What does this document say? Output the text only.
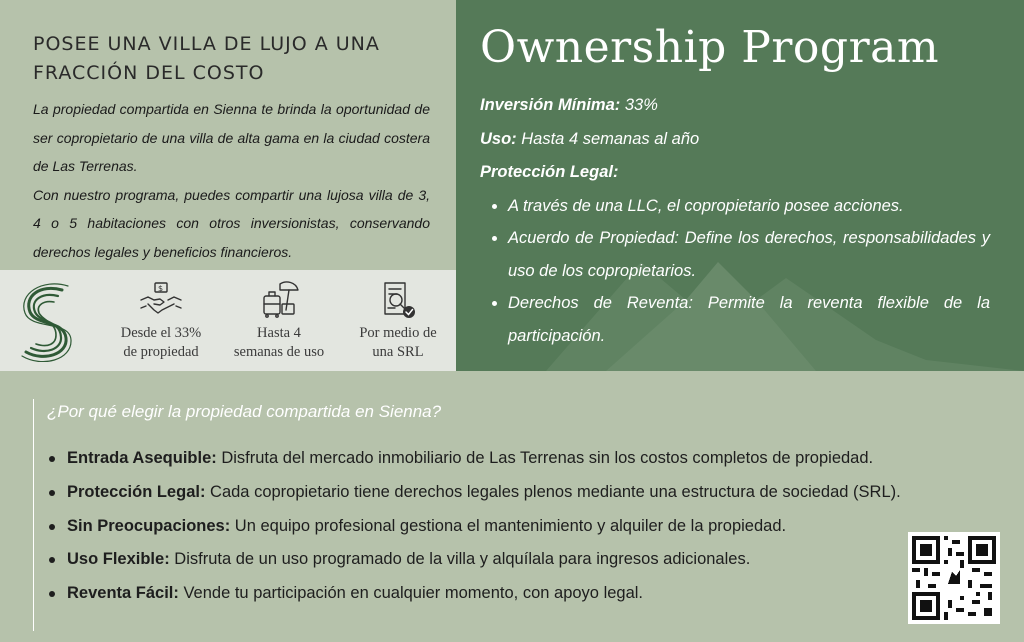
POSEE UNA VILLA DE LUJO A UNA FRACCIÓN DEL COSTO

La propiedad compartida en Sienna te brinda la oportunidad de ser copropietario de una villa de alta gama en la ciudad costera de Las Terrenas.

Con nuestro programa, puedes compartir una lujosa villa de 3, 4 o 5 habitaciones con otros inversionistas, conservando derechos legales y beneficios financieros.

$
Desde el 33%
de propiedad
Hasta 4
semanas de uso
Por medio de
una SRL
Ownership Program
Inversión Mínima: 33%
Uso: Hasta 4 semanas al año
Protección Legal:
A través de una LLC, el copropietario posee acciones.
Acuerdo de Propiedad: Define los derechos, responsabilidades y uso de los copropietarios.
Derechos de Reventa: Permite la reventa flexible de la participación.
¿Por qué elegir la propiedad compartida en Sienna?
Entrada Asequible: Disfruta del mercado inmobiliario de Las Terrenas sin los costos completos de propiedad.
Protección Legal: Cada copropietario tiene derechos legales plenos mediante una estructura de sociedad (SRL).
Sin Preocupaciones: Un equipo profesional gestiona el mantenimiento y alquiler de la propiedad.
Uso Flexible: Disfruta de un uso programado de la villa y alquílala para ingresos adicionales.
Reventa Fácil: Vende tu participación en cualquier momento, con apoyo legal.
